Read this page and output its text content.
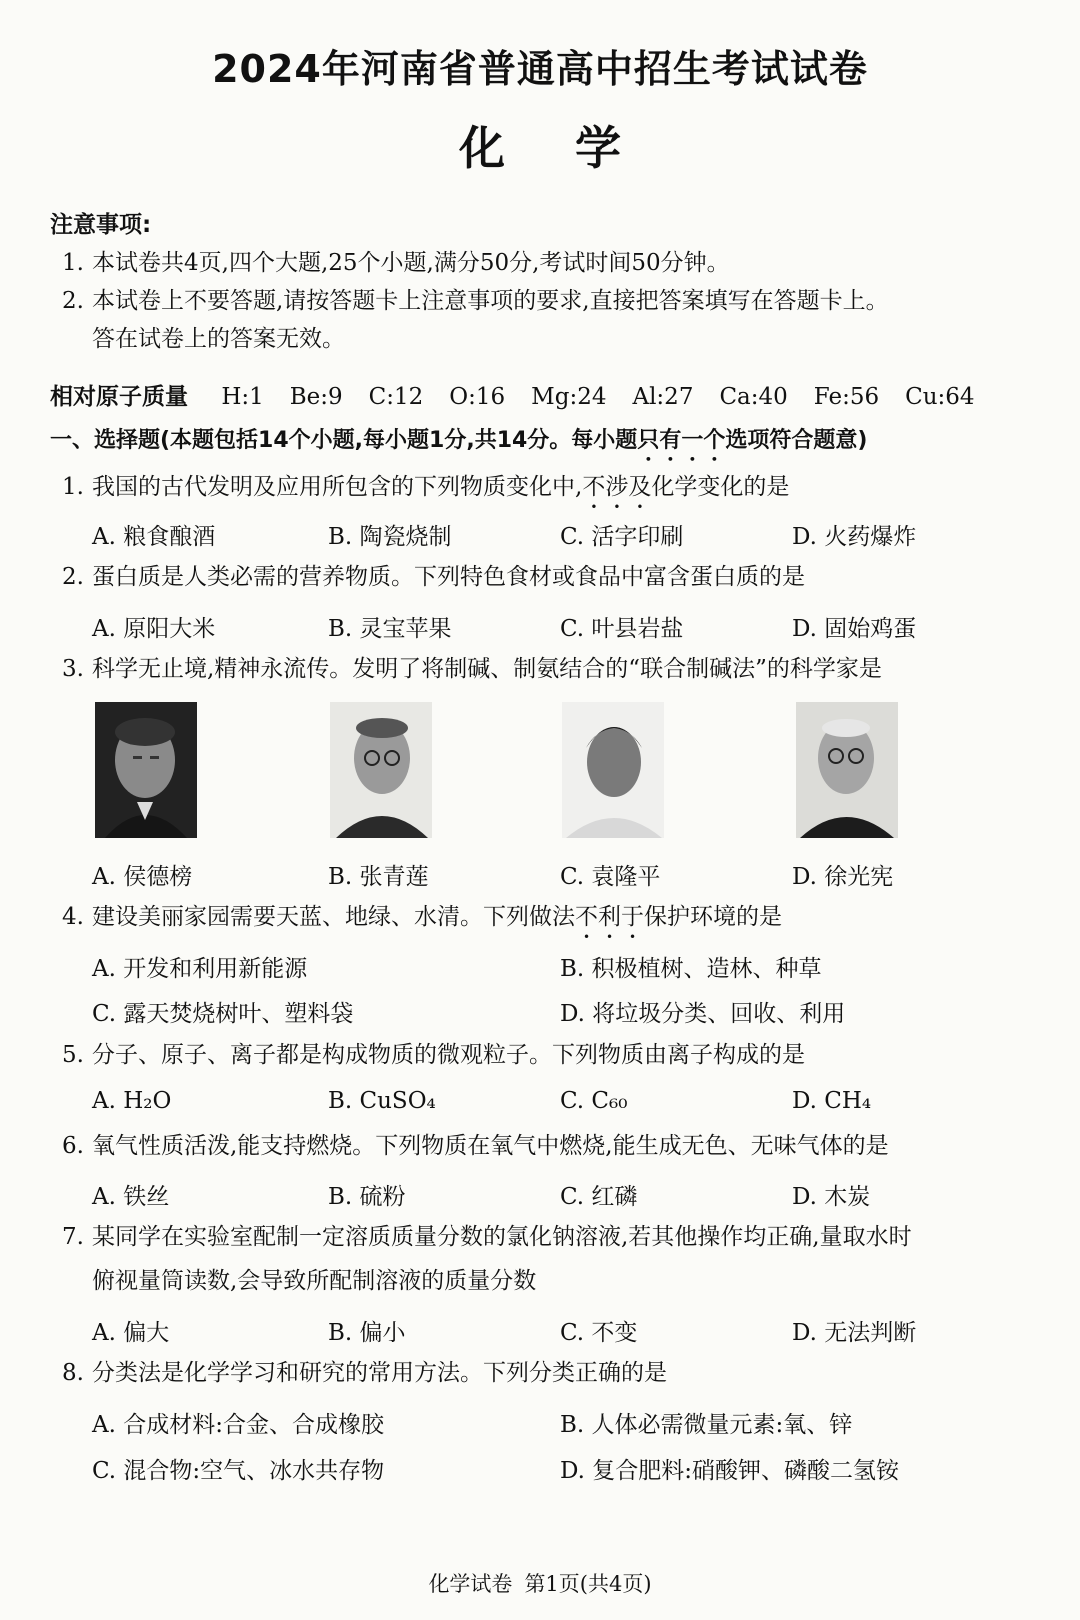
2024年河南省普通高中招生考试试卷
化学
注意事项:
1. 本试卷共4页,四个大题,25个小题,满分50分,考试时间50分钟。
2. 本试卷上不要答题,请按答题卡上注意事项的要求,直接把答案填写在答题卡上。
答在试卷上的答案无效。
相对原子质量 H:1 Be:9 C:12 O:16 Mg:24 Al:27 Ca:40 Fe:56 Cu:64
一、选择题(本题包括14个小题,每小题1分,共14分。每小题只有一个选项符合题意)
1. 我国的古代发明及应用所包含的下列物质变化中,不涉及化学变化的是
A. 粮食酿酒	B. 陶瓷烧制	C. 活字印刷	D. 火药爆炸
2. 蛋白质是人类必需的营养物质。下列特色食材或食品中富含蛋白质的是
A. 原阳大米	B. 灵宝苹果	C. 叶县岩盐	D. 固始鸡蛋
3. 科学无止境,精神永流传。发明了将制碱、制氨结合的“联合制碱法”的科学家是
A. 侯德榜	B. 张青莲	C. 袁隆平	D. 徐光宪
4. 建设美丽家园需要天蓝、地绿、水清。下列做法不利于保护环境的是
A. 开发和利用新能源	B. 积极植树、造林、种草
C. 露天焚烧树叶、塑料袋	D. 将垃圾分类、回收、利用
5. 分子、原子、离子都是构成物质的微观粒子。下列物质由离子构成的是
A. H₂O	B. CuSO₄	C. C₆₀	D. CH₄
6. 氧气性质活泼,能支持燃烧。下列物质在氧气中燃烧,能生成无色、无味气体的是
A. 铁丝	B. 硫粉	C. 红磷	D. 木炭
7. 某同学在实验室配制一定溶质质量分数的氯化钠溶液,若其他操作均正确,量取水时
俯视量筒读数,会导致所配制溶液的质量分数
A. 偏大	B. 偏小	C. 不变	D. 无法判断
8. 分类法是化学学习和研究的常用方法。下列分类正确的是
A. 合成材料:合金、合成橡胶	B. 人体必需微量元素:氧、锌
C. 混合物:空气、冰水共存物	D. 复合肥料:硝酸钾、磷酸二氢铵
化学试卷 第1页(共4页)
